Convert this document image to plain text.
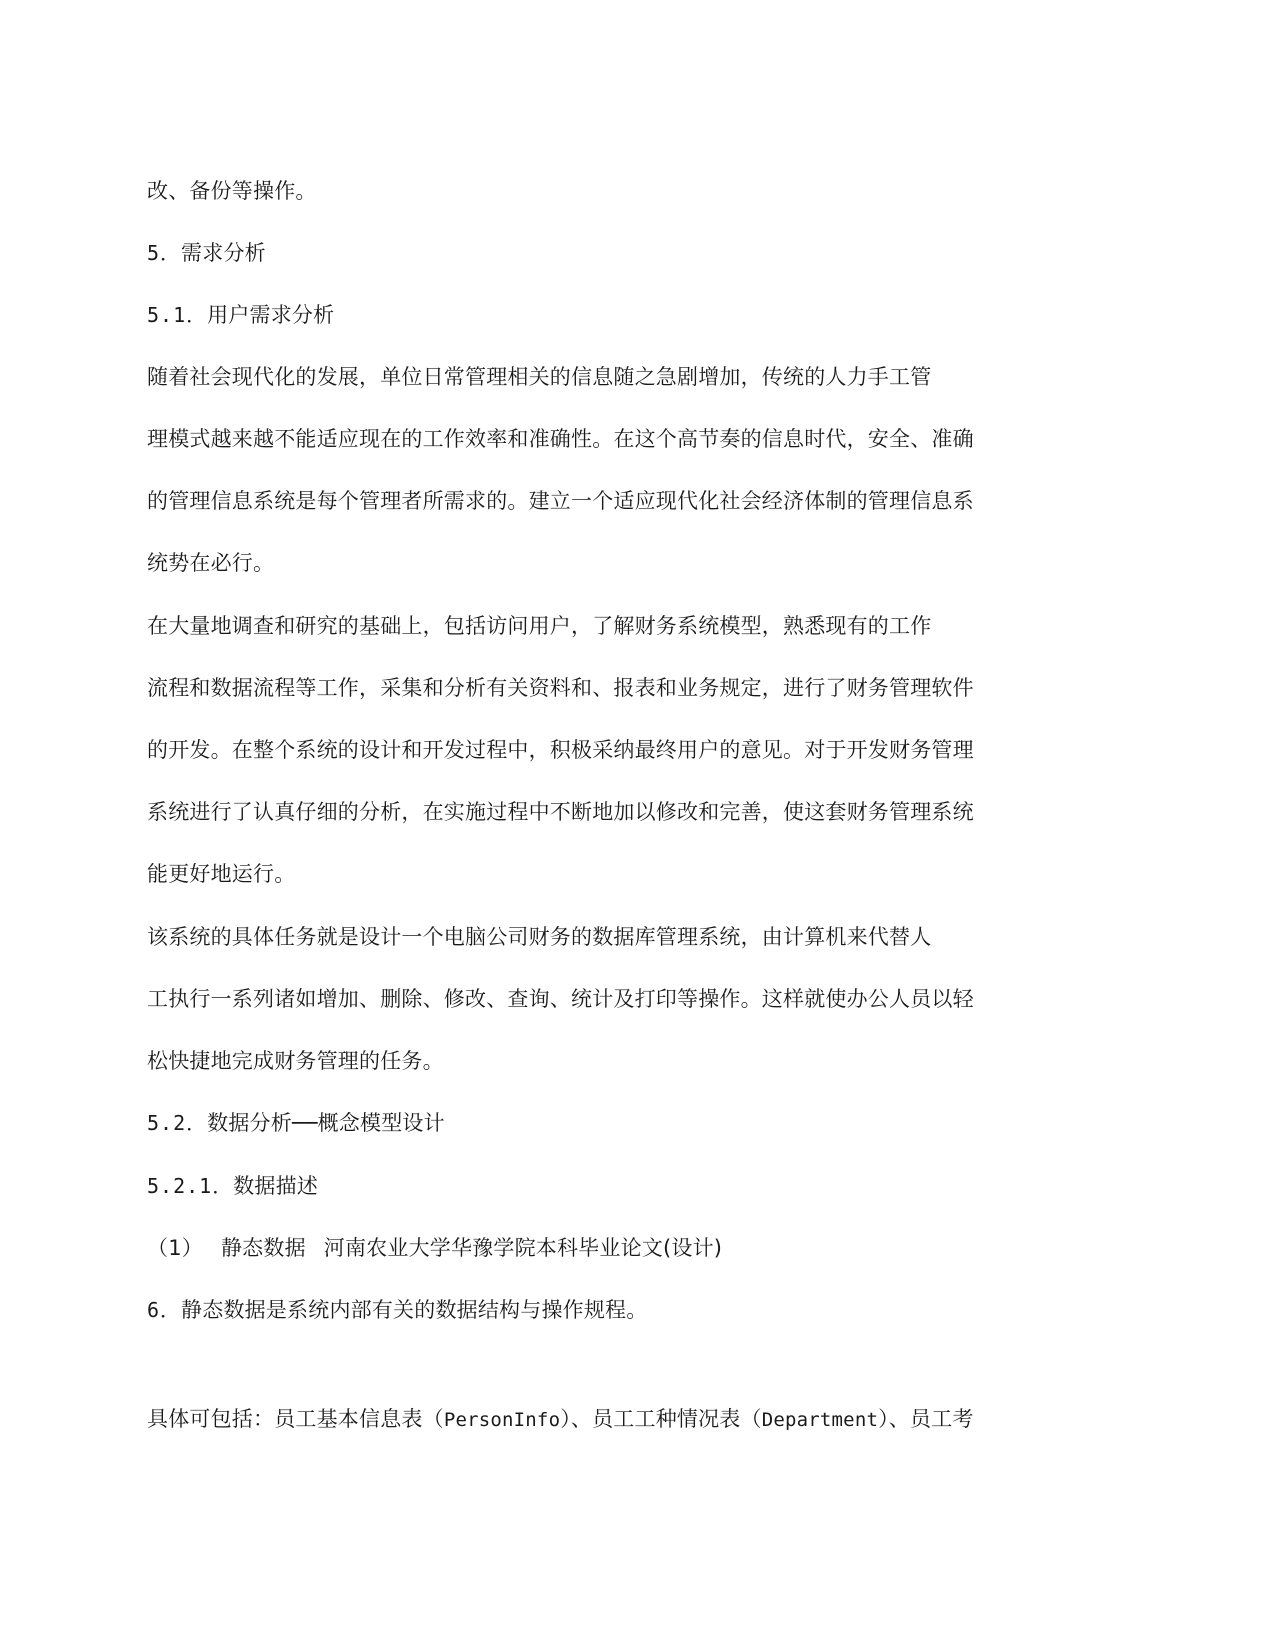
改、备份等操作。
5．需求分析
5.1．用户需求分析
随着社会现代化的发展，单位日常管理相关的信息随之急剧增加，传统的人力手工管
理模式越来越不能适应现在的工作效率和准确性。在这个高节奏的信息时代，安全、准确
的管理信息系统是每个管理者所需求的。建立一个适应现代化社会经济体制的管理信息系
统势在必行。
在大量地调查和研究的基础上，包括访问用户，了解财务系统模型，熟悉现有的工作
流程和数据流程等工作，采集和分析有关资料和、报表和业务规定，进行了财务管理软件
的开发。在整个系统的设计和开发过程中，积极采纳最终用户的意见。对于开发财务管理
系统进行了认真仔细的分析，在实施过程中不断地加以修改和完善，使这套财务管理系统
能更好地运行。
该系统的具体任务就是设计一个电脑公司财务的数据库管理系统，由计算机来代替人
工执行一系列诸如增加、删除、修改、查询、统计及打印等操作。这样就使办公人员以轻
松快捷地完成财务管理的任务。
5.2．数据分析──概念模型设计
5.2.1．数据描述
（1） 静态数据 河南农业大学华豫学院本科毕业论文(设计)
6．静态数据是系统内部有关的数据结构与操作规程。
具体可包括：员工基本信息表（PersonInfo）、员工工种情况表（Department）、员工考
